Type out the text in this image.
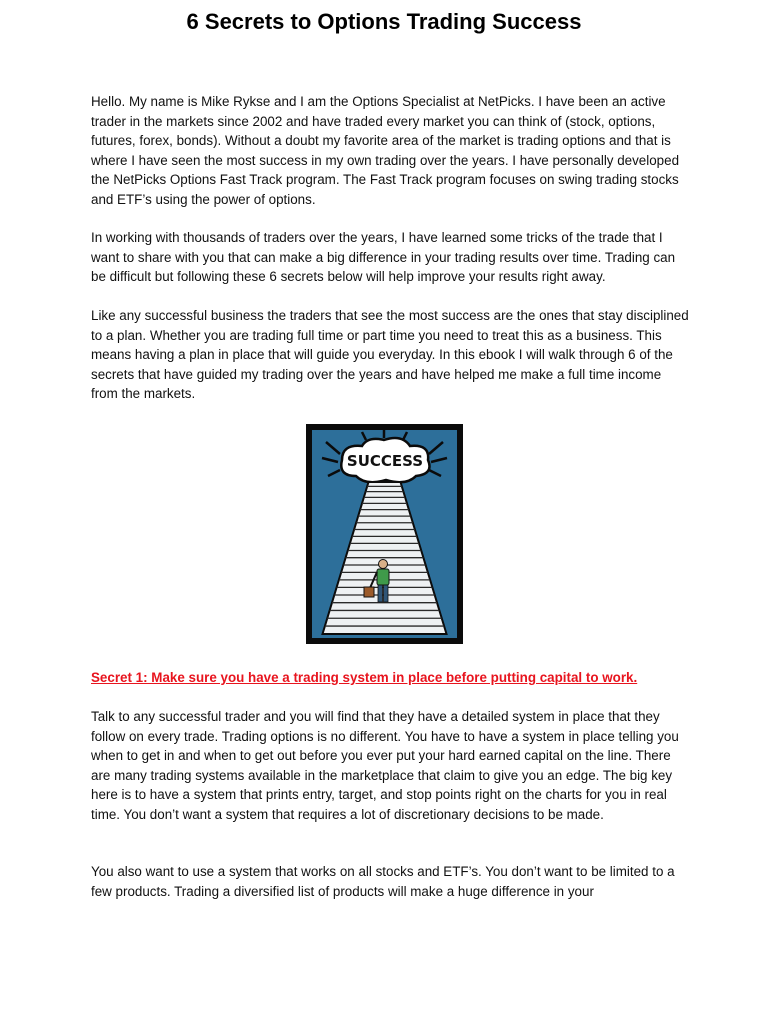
6 Secrets to Options Trading Success

Hello. My name is Mike Rykse and I am the Options Specialist at NetPicks. I have been an active trader in the markets since 2002 and have traded every market you can think of (stock, options, futures, forex, bonds). Without a doubt my favorite area of the market is trading options and that is where I have seen the most success in my own trading over the years. I have personally developed the NetPicks Options Fast Track program. The Fast Track program focuses on swing trading stocks and ETF’s using the power of options.

In working with thousands of traders over the years, I have learned some tricks of the trade that I want to share with you that can make a big difference in your trading results over time. Trading can be difficult but following these 6 secrets below will help improve your results right away.

Like any successful business the traders that see the most success are the ones that stay disciplined to a plan. Whether you are trading full time or part time you need to treat this as a business. This means having a plan in place that will guide you everyday. In this ebook I will walk through 6 of the secrets that have guided my trading over the years and have helped me make a full time income from the markets.

SUCCESS
Secret 1: Make sure you have a trading system in place before putting capital to work.

Talk to any successful trader and you will find that they have a detailed system in place that they follow on every trade. Trading options is no different. You have to have a system in place telling you when to get in and when to get out before you ever put your hard earned capital on the line. There are many trading systems available in the marketplace that claim to give you an edge. The big key here is to have a system that prints entry, target, and stop points right on the charts for you in real time. You don’t want a system that requires a lot of discretionary decisions to be made.

You also want to use a system that works on all stocks and ETF’s. You don’t want to be limited to a few products. Trading a diversified list of products will make a huge difference in your
